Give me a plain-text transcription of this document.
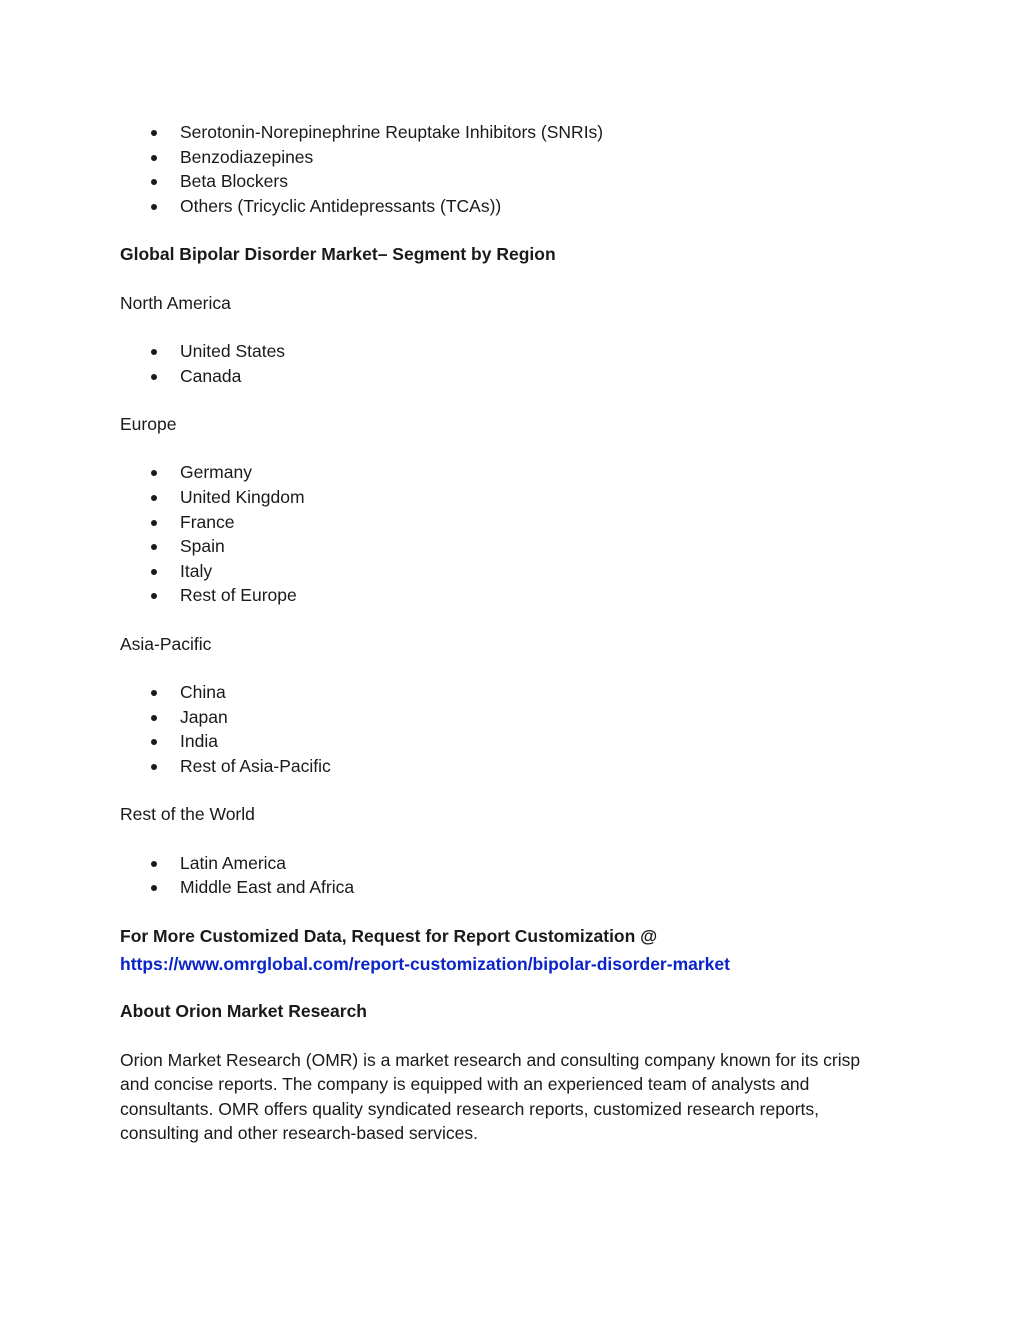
Serotonin-Norepinephrine Reuptake Inhibitors (SNRIs)
Benzodiazepines
Beta Blockers
Others (Tricyclic Antidepressants (TCAs))
Global Bipolar Disorder Market– Segment by Region
North America
United States
Canada
Europe
Germany
United Kingdom
France
Spain
Italy
Rest of Europe
Asia-Pacific
China
Japan
India
Rest of Asia-Pacific
Rest of the World
Latin America
Middle East and Africa
For More Customized Data, Request for Report Customization @
https://www.omrglobal.com/report-customization/bipolar-disorder-market
About Orion Market Research
Orion Market Research (OMR) is a market research and consulting company known for its crisp
and concise reports. The company is equipped with an experienced team of analysts and
consultants. OMR offers quality syndicated research reports, customized research reports,
consulting and other research-based services.
